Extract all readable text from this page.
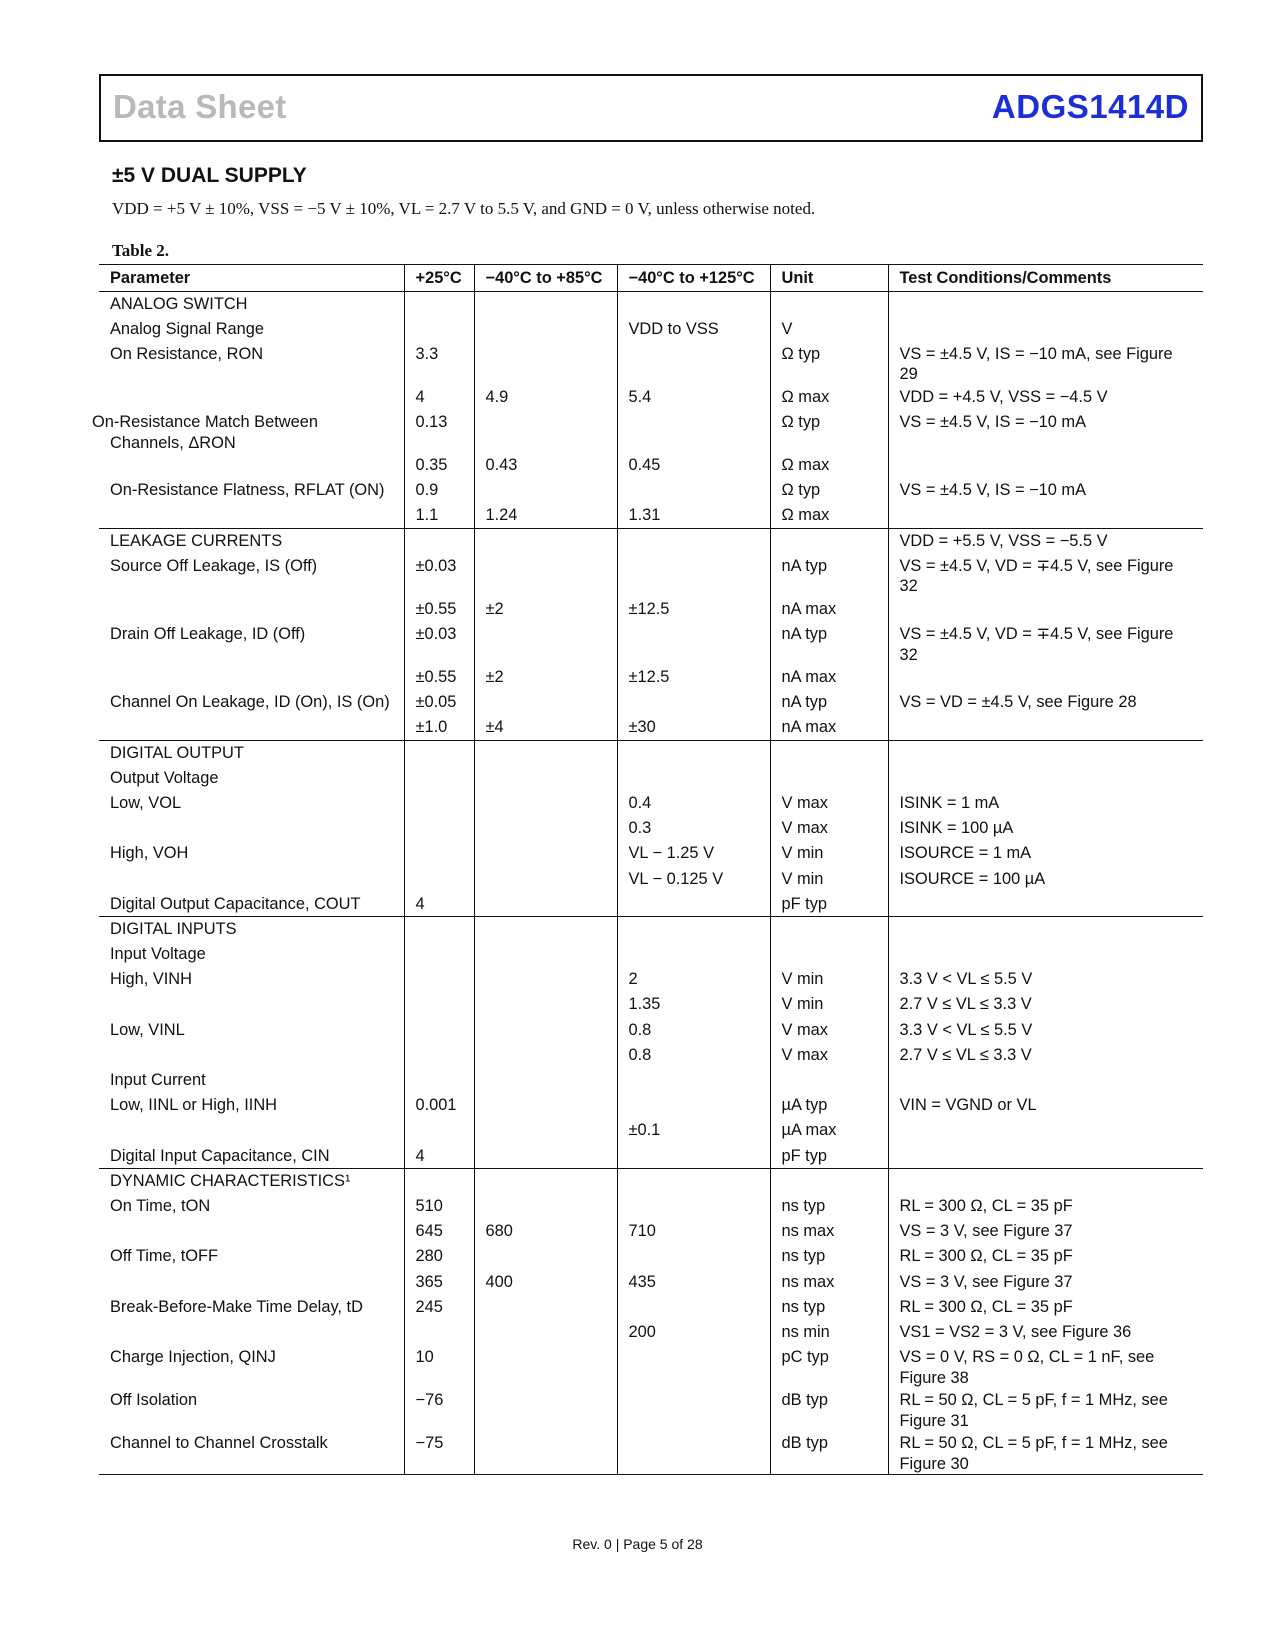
Data Sheet	ADGS1414D
±5 V DUAL SUPPLY
VDD = +5 V ± 10%, VSS = −5 V ± 10%, VL = 2.7 V to 5.5 V, and GND = 0 V, unless otherwise noted.
Table 2.
Parameter	+25°C	−40°C to +85°C	−40°C to +125°C	Unit	Test Conditions/Comments
ANALOG SWITCH					
Analog Signal Range			VDD to VSS	V	
On Resistance, RON	3.3			Ω typ	VS = ±4.5 V, IS = −10 mA, see Figure 29
	4	4.9	5.4	Ω max	VDD = +4.5 V, VSS = −4.5 V
On-Resistance Match Between Channels, ΔRON	0.13			Ω typ	VS = ±4.5 V, IS = −10 mA
	0.35	0.43	0.45	Ω max	
On-Resistance Flatness, RFLAT (ON)	0.9			Ω typ	VS = ±4.5 V, IS = −10 mA
	1.1	1.24	1.31	Ω max	
LEAKAGE CURRENTS					VDD = +5.5 V, VSS = −5.5 V
Source Off Leakage, IS (Off)	±0.03			nA typ	VS = ±4.5 V, VD = ∓4.5 V, see Figure 32
	±0.55	±2	±12.5	nA max	
Drain Off Leakage, ID (Off)	±0.03			nA typ	VS = ±4.5 V, VD = ∓4.5 V, see Figure 32
	±0.55	±2	±12.5	nA max	
Channel On Leakage, ID (On), IS (On)	±0.05			nA typ	VS = VD = ±4.5 V, see Figure 28
	±1.0	±4	±30	nA max	
DIGITAL OUTPUT					
Output Voltage					
Low, VOL			0.4	V max	ISINK = 1 mA
			0.3	V max	ISINK = 100 µA
High, VOH			VL − 1.25 V	V min	ISOURCE = 1 mA
			VL − 0.125 V	V min	ISOURCE = 100 µA
Digital Output Capacitance, COUT	4			pF typ	
DIGITAL INPUTS					
Input Voltage					
High, VINH			2	V min	3.3 V < VL ≤ 5.5 V
			1.35	V min	2.7 V ≤ VL ≤ 3.3 V
Low, VINL			0.8	V max	3.3 V < VL ≤ 5.5 V
			0.8	V max	2.7 V ≤ VL ≤ 3.3 V
Input Current					
Low, IINL or High, IINH	0.001			µA typ	VIN = VGND or VL
			±0.1	µA max	
Digital Input Capacitance, CIN	4			pF typ	
DYNAMIC CHARACTERISTICS¹					
On Time, tON	510			ns typ	RL = 300 Ω, CL = 35 pF
	645	680	710	ns max	VS = 3 V, see Figure 37
Off Time, tOFF	280			ns typ	RL = 300 Ω, CL = 35 pF
	365	400	435	ns max	VS = 3 V, see Figure 37
Break-Before-Make Time Delay, tD	245			ns typ	RL = 300 Ω, CL = 35 pF
			200	ns min	VS1 = VS2 = 3 V, see Figure 36
Charge Injection, QINJ	10			pC typ	VS = 0 V, RS = 0 Ω, CL = 1 nF, see Figure 38
Off Isolation	−76			dB typ	RL = 50 Ω, CL = 5 pF, f = 1 MHz, see Figure 31
Channel to Channel Crosstalk	−75			dB typ	RL = 50 Ω, CL = 5 pF, f = 1 MHz, see Figure 30
Rev. 0 | Page 5 of 28
